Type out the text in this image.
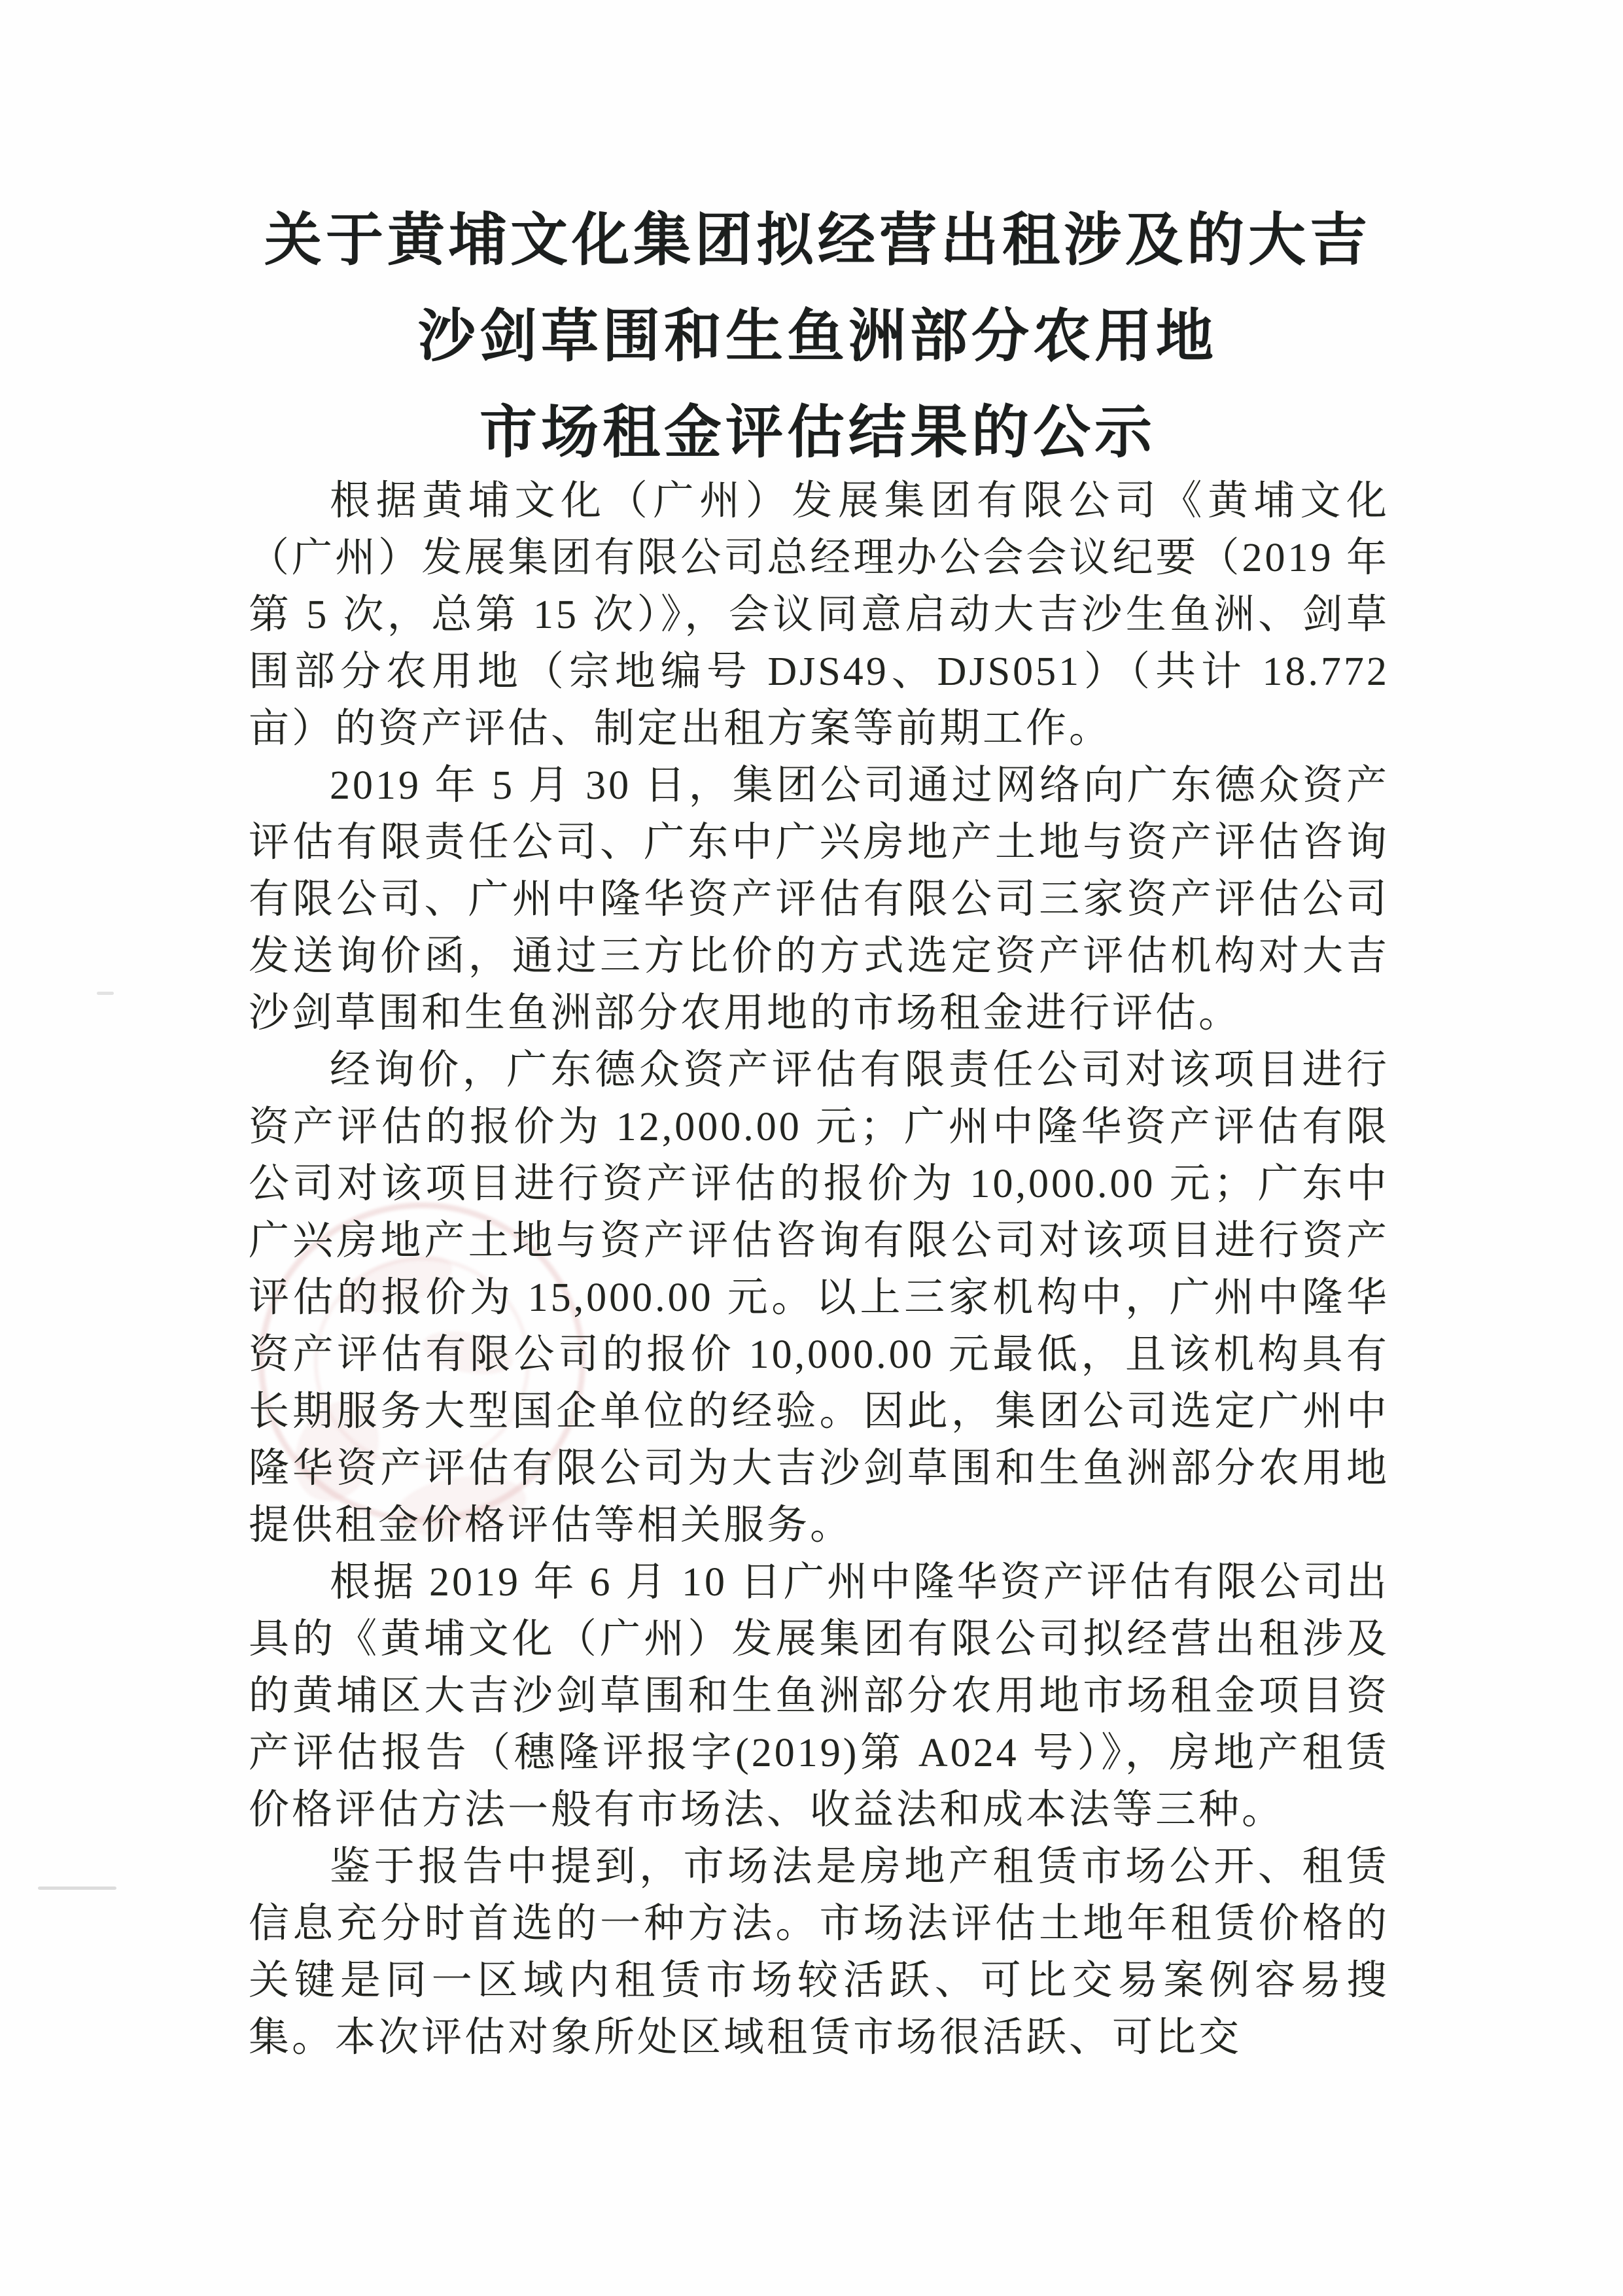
关于黄埔文化集团拟经营出租涉及的大吉
沙剑草围和生鱼洲部分农用地
市场租金评估结果的公示

根据黄埔文化（广州）发展集团有限公司《黄埔文化（广州）发展集团有限公司总经理办公会会议纪要（2019 年第 5 次，总第 15 次）》，会议同意启动大吉沙生鱼洲、剑草围部分农用地（宗地编号 DJS49、DJS051）（共计 18.772 亩）的资产评估、制定出租方案等前期工作。

2019 年 5 月 30 日，集团公司通过网络向广东德众资产评估有限责任公司、广东中广兴房地产土地与资产评估咨询有限公司、广州中隆华资产评估有限公司三家资产评估公司发送询价函，通过三方比价的方式选定资产评估机构对大吉沙剑草围和生鱼洲部分农用地的市场租金进行评估。

经询价，广东德众资产评估有限责任公司对该项目进行资产评估的报价为 12,000.00 元；广州中隆华资产评估有限公司对该项目进行资产评估的报价为 10,000.00 元；广东中广兴房地产土地与资产评估咨询有限公司对该项目进行资产评估的报价为 15,000.00 元。以上三家机构中，广州中隆华资产评估有限公司的报价 10,000.00 元最低，且该机构具有长期服务大型国企单位的经验。因此，集团公司选定广州中隆华资产评估有限公司为大吉沙剑草围和生鱼洲部分农用地提供租金价格评估等相关服务。

根据 2019 年 6 月 10 日广州中隆华资产评估有限公司出具的《黄埔文化（广州）发展集团有限公司拟经营出租涉及的黄埔区大吉沙剑草围和生鱼洲部分农用地市场租金项目资产评估报告（穗隆评报字(2019)第 A024 号）》，房地产租赁价格评估方法一般有市场法、收益法和成本法等三种。

鉴于报告中提到，市场法是房地产租赁市场公开、租赁信息充分时首选的一种方法。市场法评估土地年租赁价格的关键是同一区域内租赁市场较活跃、可比交易案例容易搜集。本次评估对象所处区域租赁市场很活跃、可比交
